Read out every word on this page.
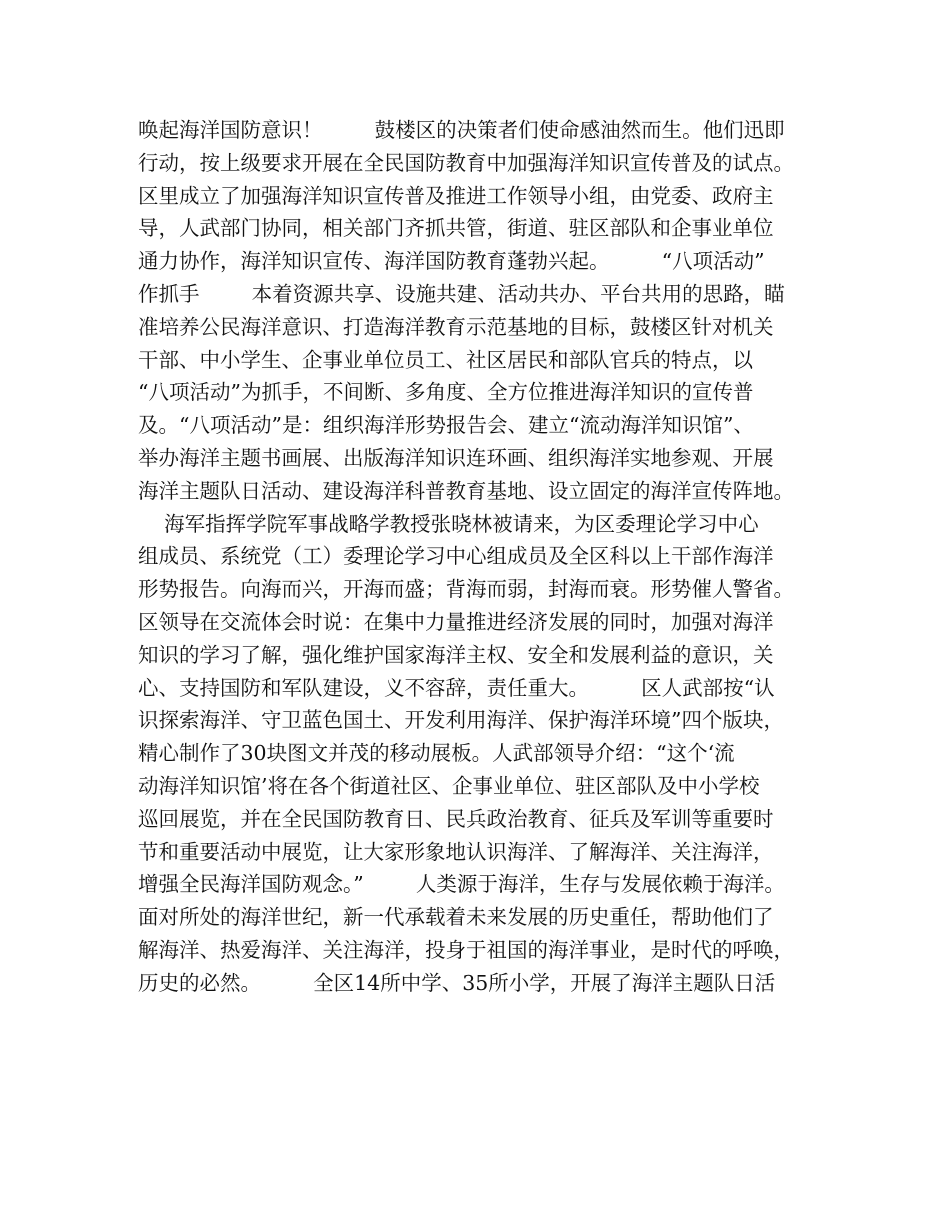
唤起海洋国防意识！        鼓楼区的决策者们使命感油然而生。他们迅即
行动，按上级要求开展在全民国防教育中加强海洋知识宣传普及的试点。
区里成立了加强海洋知识宣传普及推进工作领导小组，由党委、政府主
导，人武部门协同，相关部门齐抓共管，街道、驻区部队和企事业单位
通力协作，海洋知识宣传、海洋国防教育蓬勃兴起。        “八项活动”
作抓手        本着资源共享、设施共建、活动共办、平台共用的思路，瞄
准培养公民海洋意识、打造海洋教育示范基地的目标，鼓楼区针对机关
干部、中小学生、企事业单位员工、社区居民和部队官兵的特点，以
“八项活动”为抓手，不间断、多角度、全方位推进海洋知识的宣传普
及。“八项活动”是：组织海洋形势报告会、建立“流动海洋知识馆”、
举办海洋主题书画展、出版海洋知识连环画、组织海洋实地参观、开展
海洋主题队日活动、建设海洋科普教育基地、设立固定的海洋宣传阵地。
海军指挥学院军事战略学教授张晓林被请来，为区委理论学习中心
组成员、系统党（工）委理论学习中心组成员及全区科以上干部作海洋
形势报告。向海而兴，开海而盛；背海而弱，封海而衰。形势催人警省。
区领导在交流体会时说：在集中力量推进经济发展的同时，加强对海洋
知识的学习了解，强化维护国家海洋主权、安全和发展利益的意识，关
心、支持国防和军队建设，义不容辞，责任重大。        区人武部按“认
识探索海洋、守卫蓝色国土、开发利用海洋、保护海洋环境”四个版块，
精心制作了30块图文并茂的移动展板。人武部领导介绍：“这个‘流
动海洋知识馆’将在各个街道社区、企事业单位、驻区部队及中小学校
巡回展览，并在全民国防教育日、民兵政治教育、征兵及军训等重要时
节和重要活动中展览，让大家形象地认识海洋、了解海洋、关注海洋，
增强全民海洋国防观念。”        人类源于海洋，生存与发展依赖于海洋。
面对所处的海洋世纪，新一代承载着未来发展的历史重任，帮助他们了
解海洋、热爱海洋、关注海洋，投身于祖国的海洋事业，是时代的呼唤，
历史的必然。        全区14所中学、35所小学，开展了海洋主题队日活
